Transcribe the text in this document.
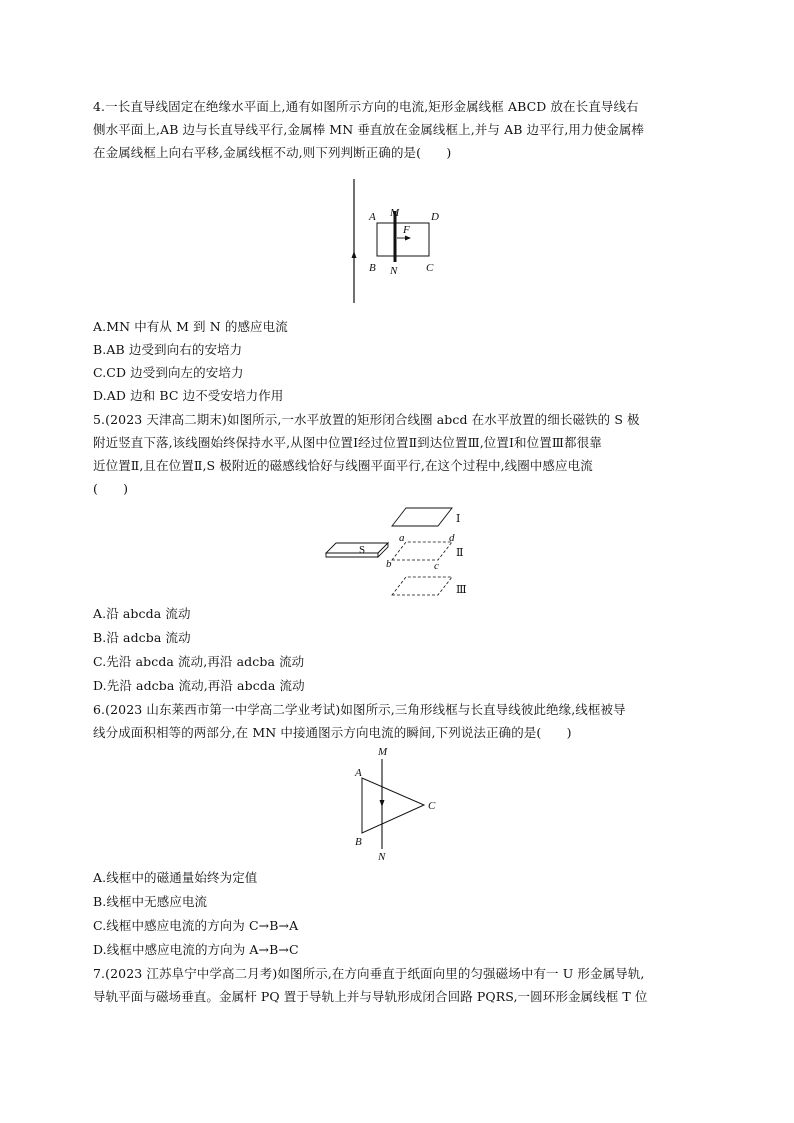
4.一长直导线固定在绝缘水平面上,通有如图所示方向的电流,矩形金属线框 ABCD 放在长直导线右
侧水平面上,AB 边与长直导线平行,金属棒 MN 垂直放在金属线框上,并与 AB 边平行,用力使金属棒
在金属线框上向右平移,金属线框不动,则下列判断正确的是(　　)
A M	D
F
B N	C
A.MN 中有从 M 到 N 的感应电流
B.AB 边受到向右的安培力
C.CD 边受到向左的安培力
D.AD 边和 BC 边不受安培力作用
5.(2023 天津高二期末)如图所示,一水平放置的矩形闭合线圈 abcd 在水平放置的细长磁铁的 S 极
附近竖直下落,该线圈始终保持水平,从图中位置Ⅰ经过位置Ⅱ到达位置Ⅲ,位置Ⅰ和位置Ⅲ都很靠
近位置Ⅱ,且在位置Ⅱ,S 极附近的磁感线恰好与线圈平面平行,在这个过程中,线圈中感应电流
(　　)
S
Ⅰ
Ⅱ
Ⅲ
a	d
b	c
A.沿 abcda 流动
B.沿 adcba 流动
C.先沿 abcda 流动,再沿 adcba 流动
D.先沿 adcba 流动,再沿 abcda 流动
6.(2023 山东莱西市第一中学高二学业考试)如图所示,三角形线框与长直导线彼此绝缘,线框被导
线分成面积相等的两部分,在 MN 中接通图示方向电流的瞬间,下列说法正确的是(　　)
M
A
C
B
N
A.线框中的磁通量始终为定值
B.线框中无感应电流
C.线框中感应电流的方向为 C→B→A
D.线框中感应电流的方向为 A→B→C
7.(2023 江苏阜宁中学高二月考)如图所示,在方向垂直于纸面向里的匀强磁场中有一 U 形金属导轨,
导轨平面与磁场垂直。金属杆 PQ 置于导轨上并与导轨形成闭合回路 PQRS,一圆环形金属线框 T 位
